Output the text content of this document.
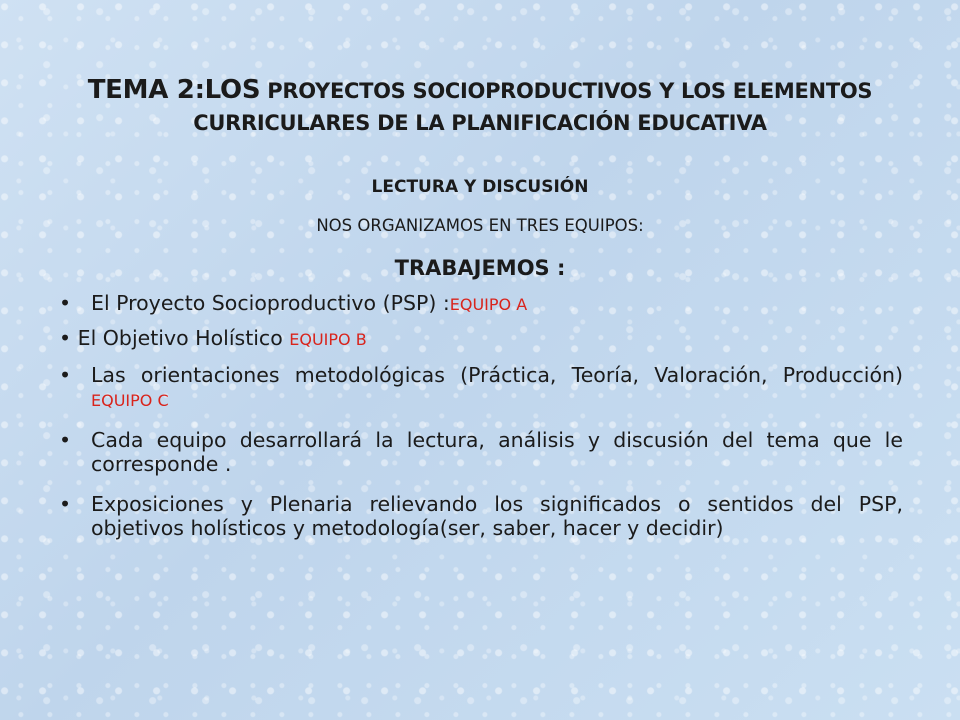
TEMA 2:LOS PROYECTOS SOCIOPRODUCTIVOS Y LOS ELEMENTOS CURRICULARES DE LA PLANIFICACIÓN EDUCATIVA
LECTURA Y DISCUSIÓN
NOS ORGANIZAMOS EN TRES EQUIPOS:
TRABAJEMOS :
• El Proyecto Socioproductivo (PSP) :EQUIPO A
• El Objetivo Holístico EQUIPO B
• Las orientaciones metodológicas (Práctica, Teoría, Valoración, Producción) EQUIPO C
• Cada equipo desarrollará la lectura, análisis y discusión del tema que le corresponde .
• Exposiciones y Plenaria relievando los significados o sentidos del PSP, objetivos holísticos y metodología(ser, saber, hacer y decidir)
